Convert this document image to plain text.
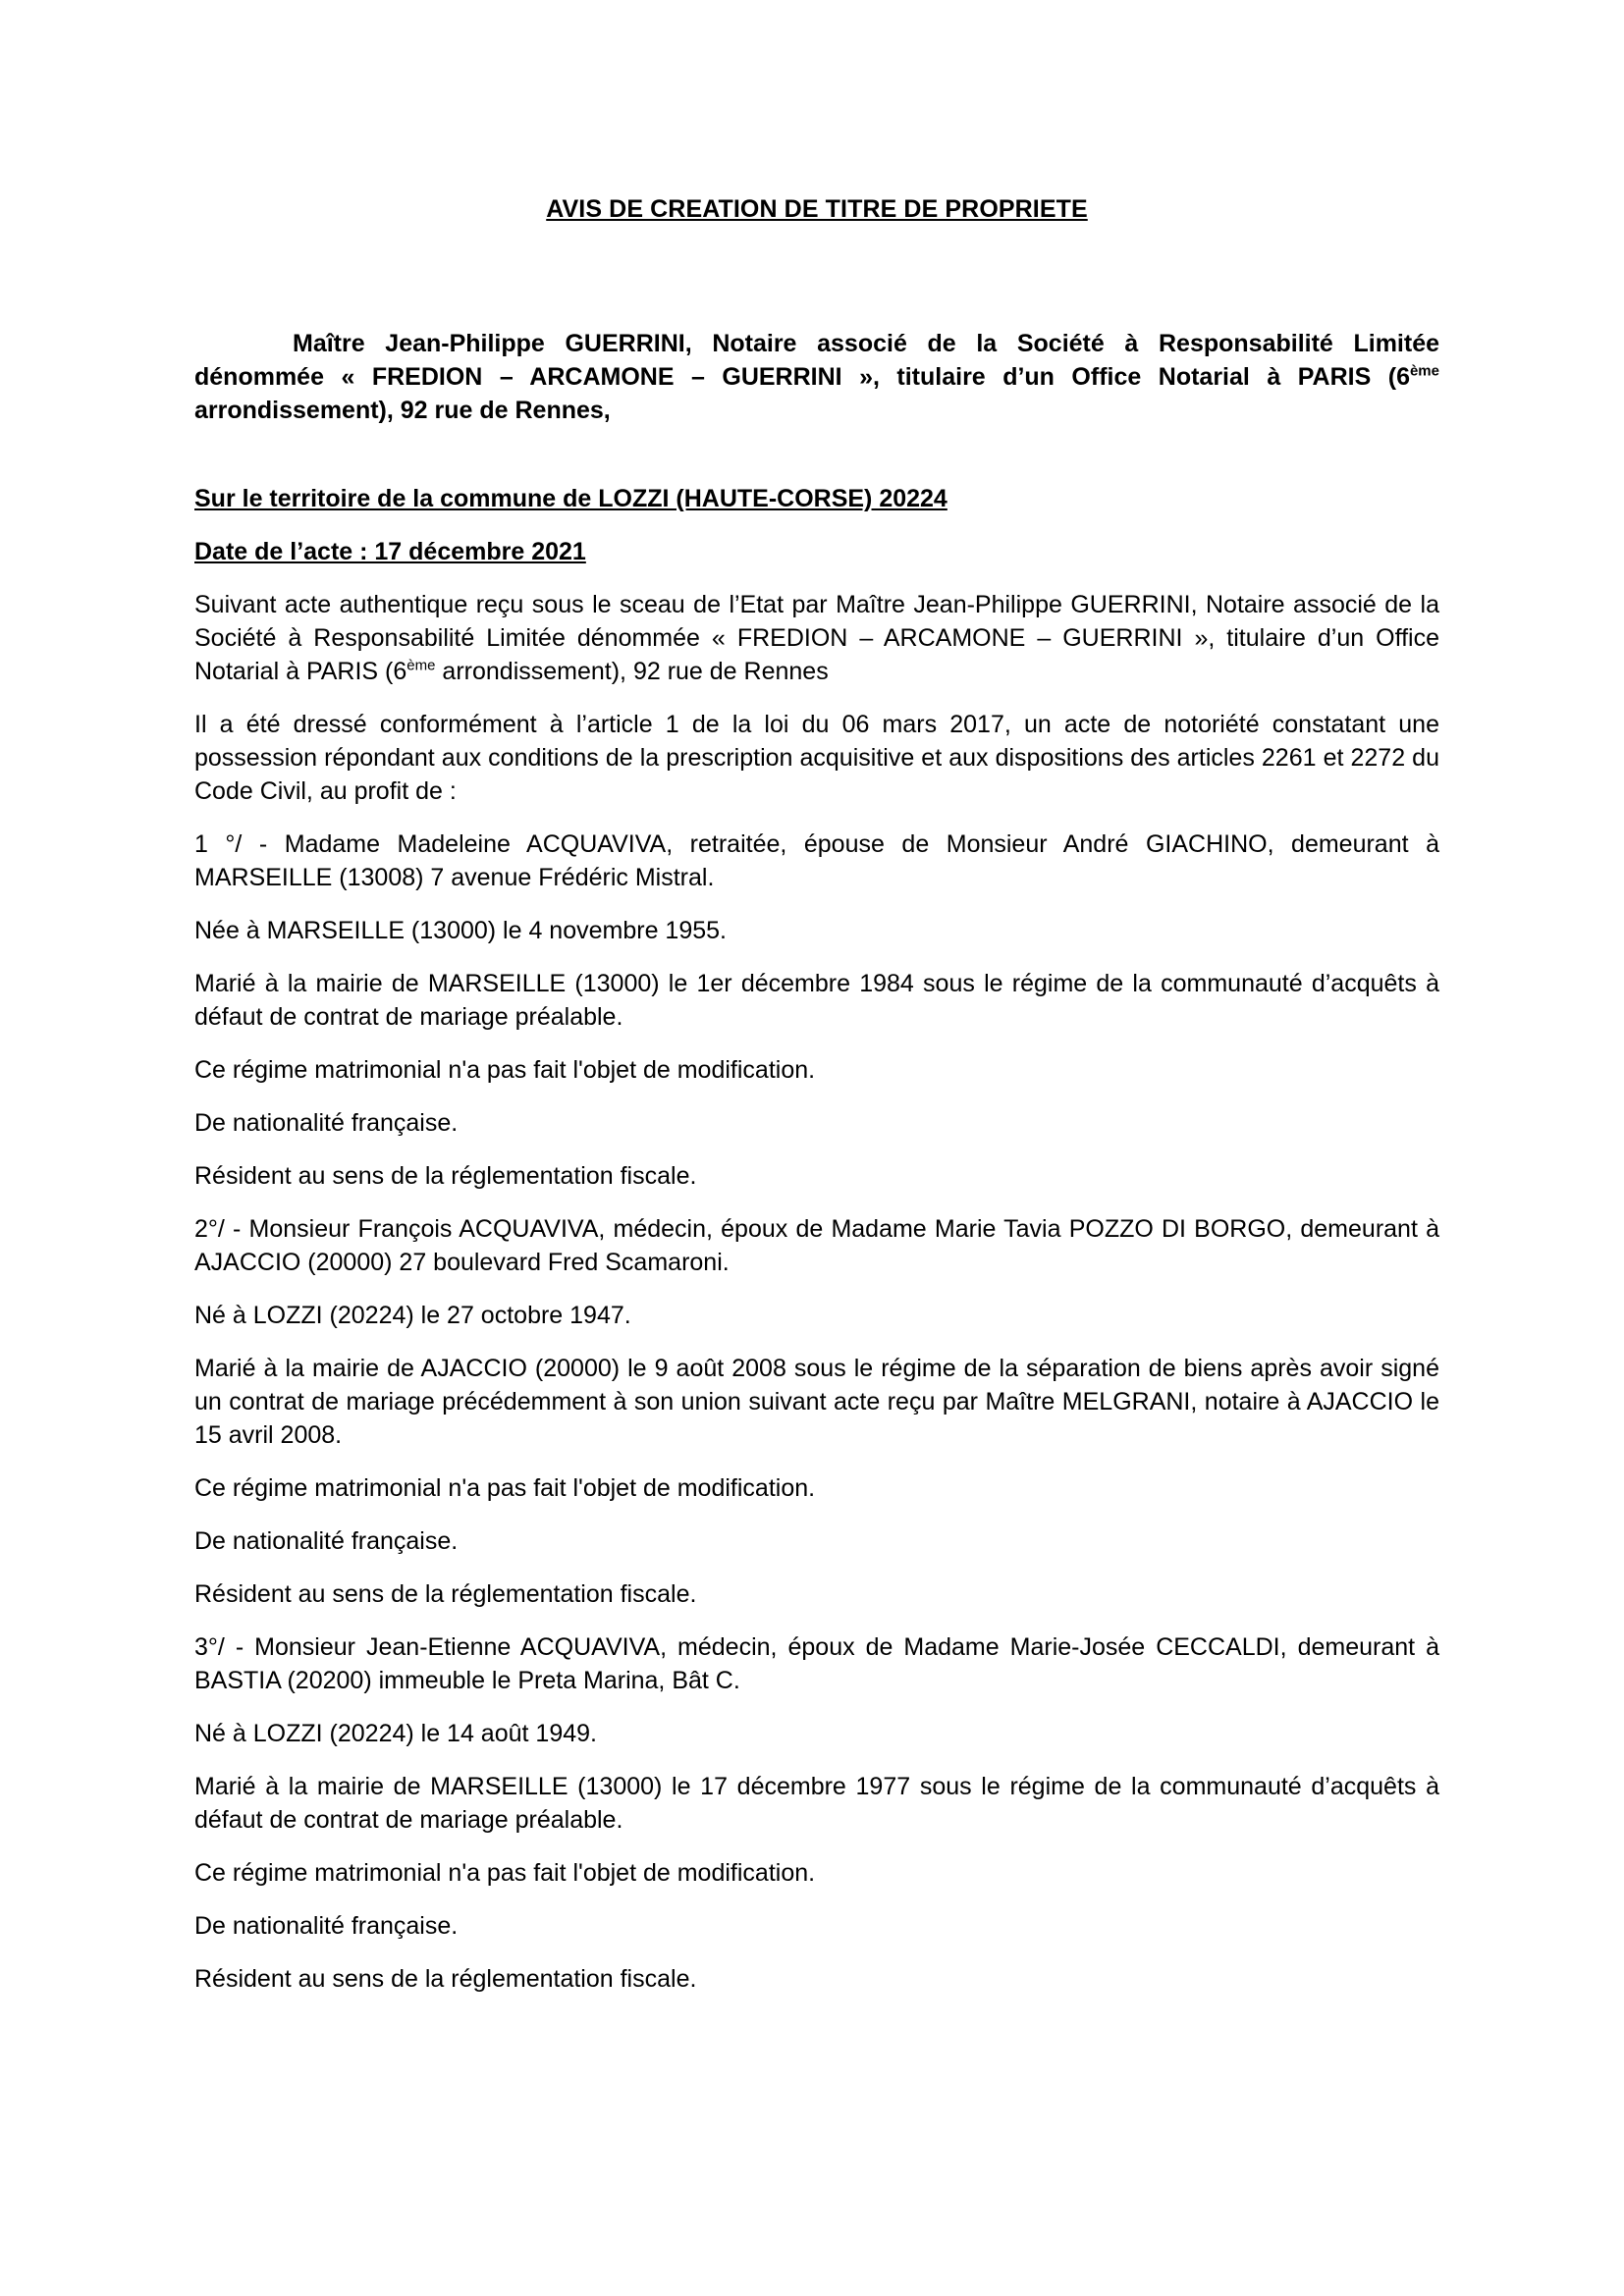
AVIS DE CREATION DE TITRE DE PROPRIETE

Maître Jean-Philippe GUERRINI, Notaire associé de la Société à Responsabilité Limitée dénommée « FREDION – ARCAMONE – GUERRINI », titulaire d’un Office Notarial à PARIS (6ème arrondissement), 92 rue de Rennes,

Sur le territoire de la commune de LOZZI (HAUTE-CORSE) 20224

Date de l’acte : 17 décembre 2021

Suivant acte authentique reçu sous le sceau de l’Etat par Maître Jean-Philippe GUERRINI, Notaire associé de la Société à Responsabilité Limitée dénommée « FREDION – ARCAMONE – GUERRINI », titulaire d’un Office Notarial à PARIS (6ème arrondissement), 92 rue de Rennes

Il a été dressé conformément à l’article 1 de la loi du 06 mars 2017, un acte de notoriété constatant une possession répondant aux conditions de la prescription acquisitive et aux dispositions des articles 2261 et 2272 du Code Civil, au profit de :

1 °/ - Madame Madeleine ACQUAVIVA, retraitée, épouse de Monsieur André GIACHINO, demeurant à MARSEILLE (13008) 7 avenue Frédéric Mistral.

Née à MARSEILLE (13000) le 4 novembre 1955.

Marié à la mairie de MARSEILLE (13000) le 1er décembre 1984 sous le régime de la communauté d’acquêts à défaut de contrat de mariage préalable.

Ce régime matrimonial n'a pas fait l'objet de modification.

De nationalité française.

Résident au sens de la réglementation fiscale.

2°/ - Monsieur François ACQUAVIVA, médecin, époux de Madame Marie Tavia POZZO DI BORGO, demeurant à AJACCIO (20000) 27 boulevard Fred Scamaroni.

Né à LOZZI (20224) le 27 octobre 1947.

Marié à la mairie de AJACCIO (20000) le 9 août 2008 sous le régime de la séparation de biens après avoir signé un contrat de mariage précédemment à son union suivant acte reçu par Maître MELGRANI, notaire à AJACCIO le 15 avril 2008.

Ce régime matrimonial n'a pas fait l'objet de modification.

De nationalité française.

Résident au sens de la réglementation fiscale.

3°/ - Monsieur Jean-Etienne ACQUAVIVA, médecin, époux de Madame Marie-Josée CECCALDI, demeurant à BASTIA (20200) immeuble le Preta Marina, Bât C.

Né à LOZZI (20224) le 14 août 1949.

Marié à la mairie de MARSEILLE (13000) le 17 décembre 1977 sous le régime de la communauté d’acquêts à défaut de contrat de mariage préalable.

Ce régime matrimonial n'a pas fait l'objet de modification.

De nationalité française.

Résident au sens de la réglementation fiscale.
